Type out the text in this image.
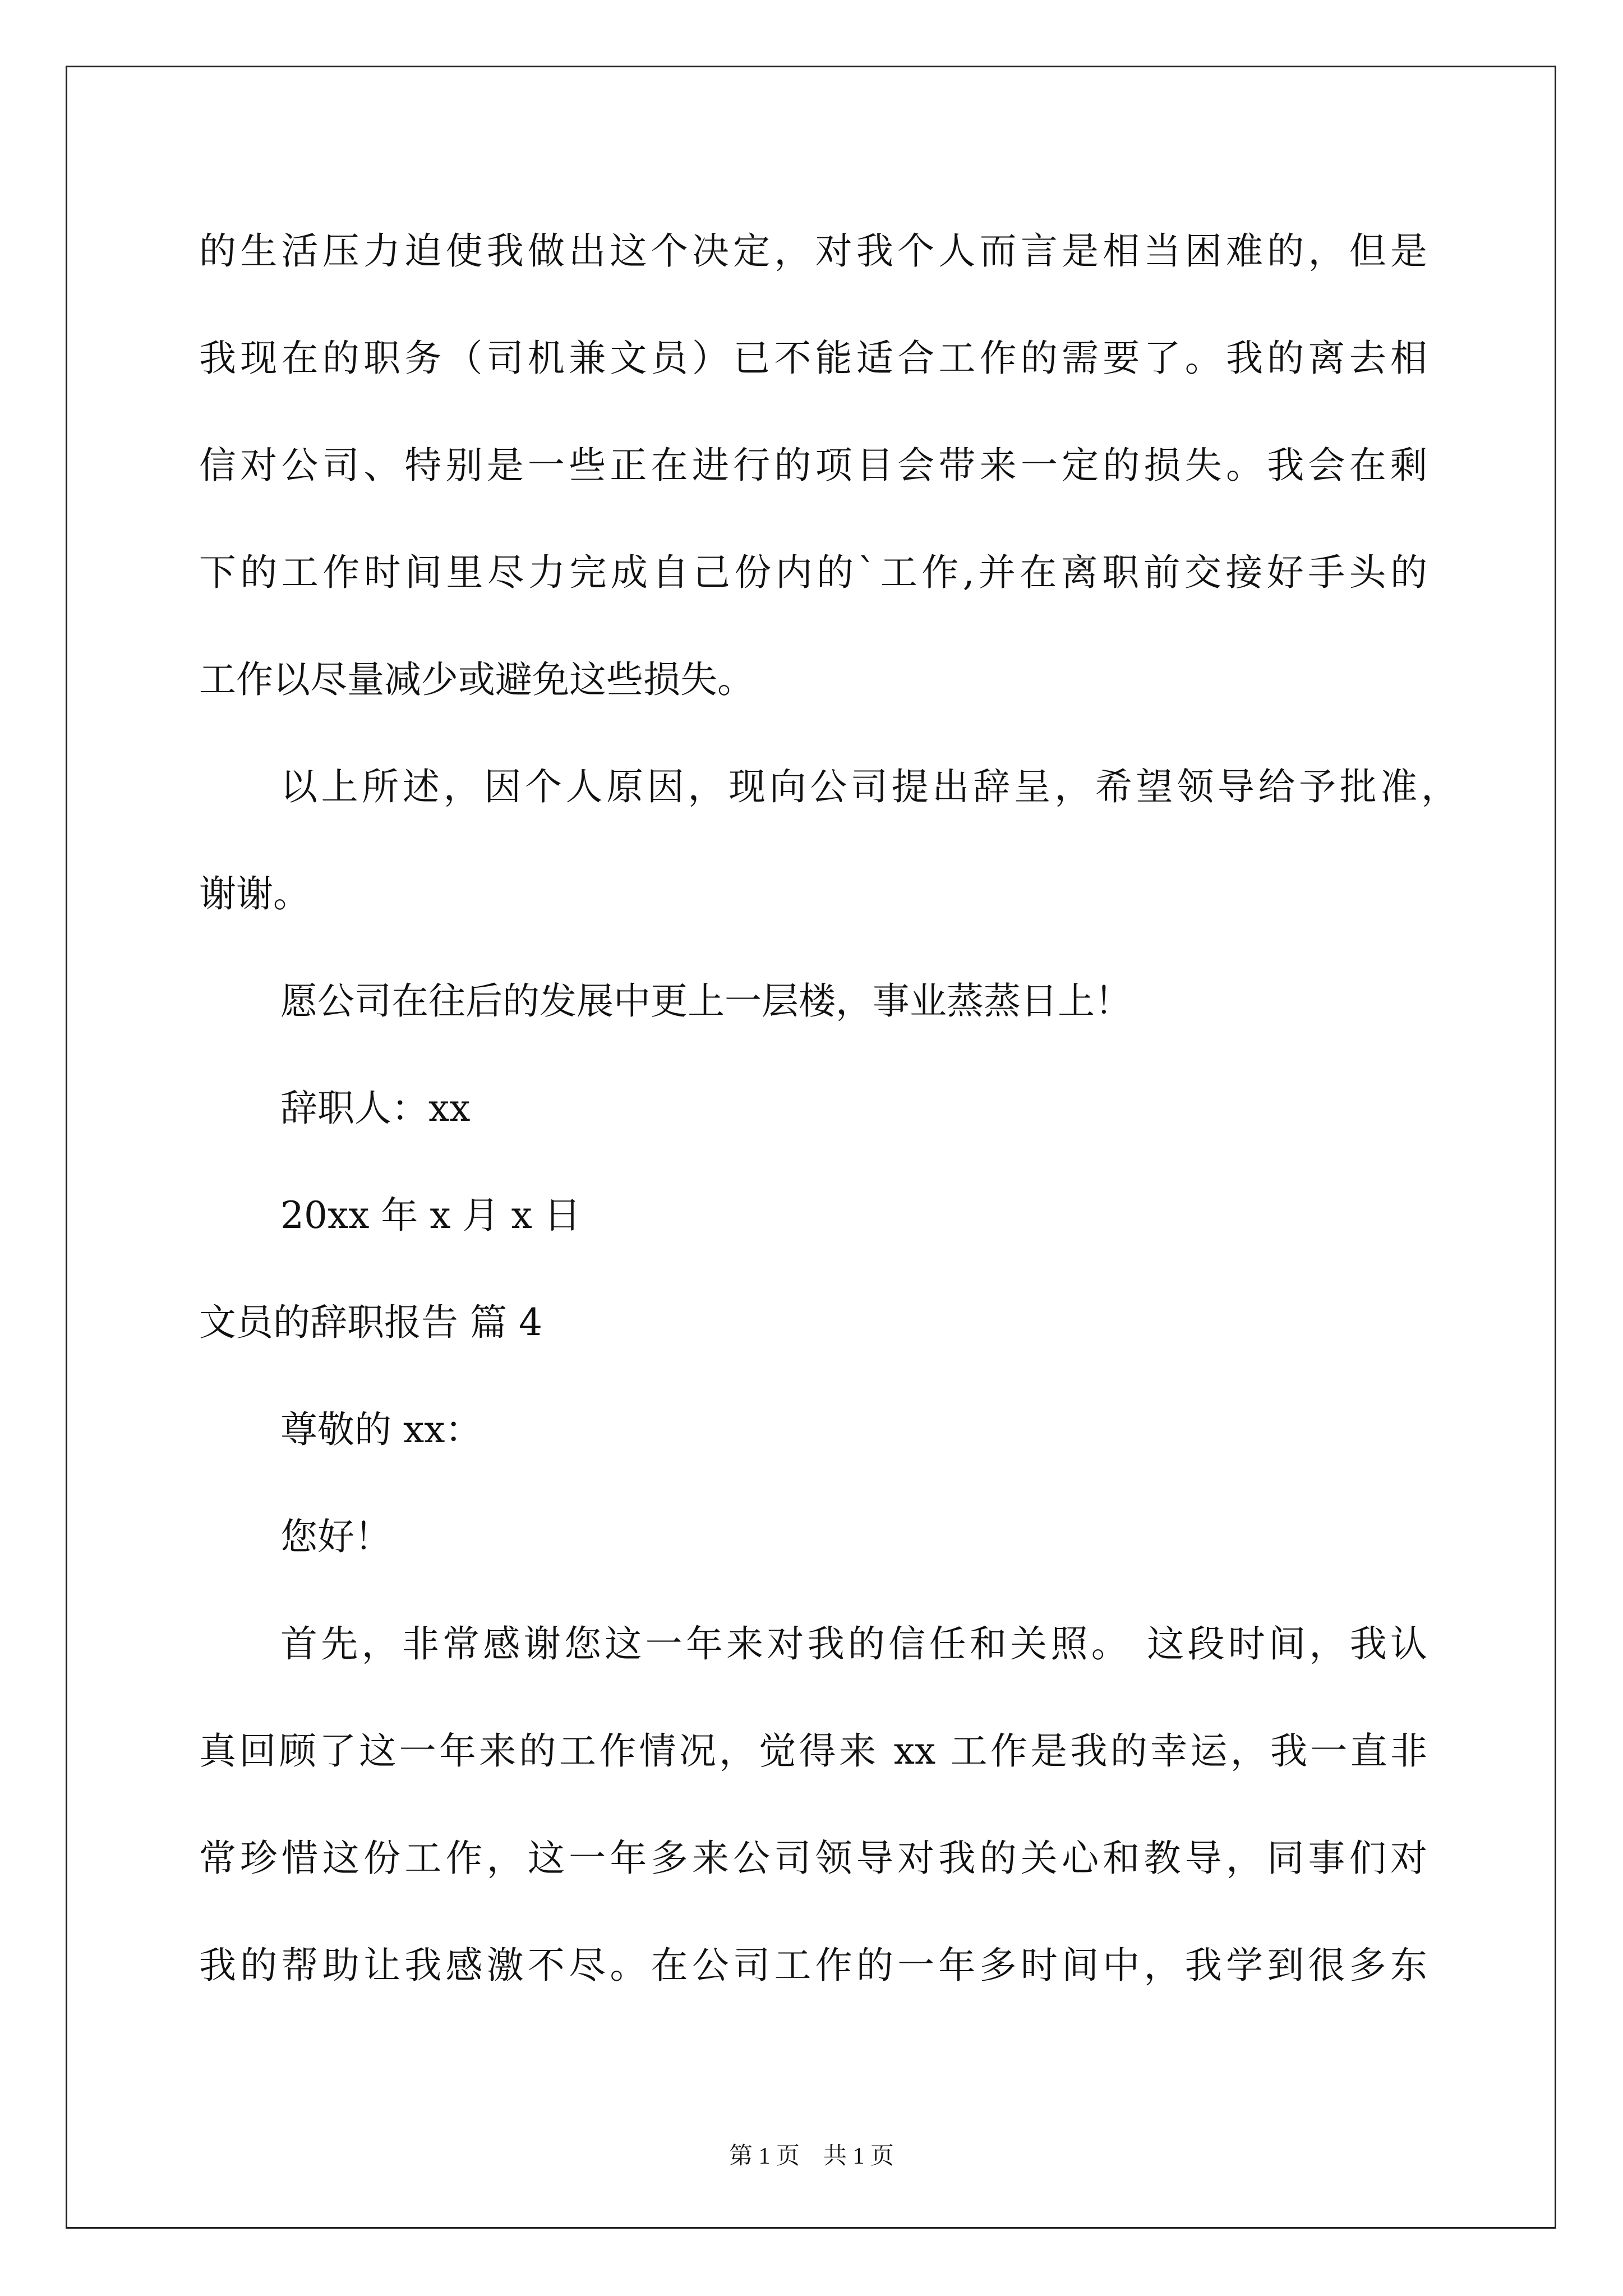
的生活压力迫使我做出这个决定，对我个人而言是相当困难的，但是
我现在的职务（司机兼文员）已不能适合工作的需要了。我的离去相
信对公司、特别是一些正在进行的项目会带来一定的损失。我会在剩
下的工作时间里尽力完成自己份内的`工作,并在离职前交接好手头的
工作以尽量减少或避免这些损失。
以上所述，因个人原因，现向公司提出辞呈，希望领导给予批准，
谢谢。
愿公司在往后的发展中更上一层楼，事业蒸蒸日上！
辞职人：xx
20xx 年 x 月 x 日
文员的辞职报告 篇 4
尊敬的 xx：
您好！
首先，非常感谢您这一年来对我的信任和关照。 这段时间，我认
真回顾了这一年来的工作情况，觉得来 xx 工作是我的幸运，我一直非
常珍惜这份工作，这一年多来公司领导对我的关心和教导，同事们对
我的帮助让我感激不尽。在公司工作的一年多时间中，我学到很多东
第 1 页　共 1 页
